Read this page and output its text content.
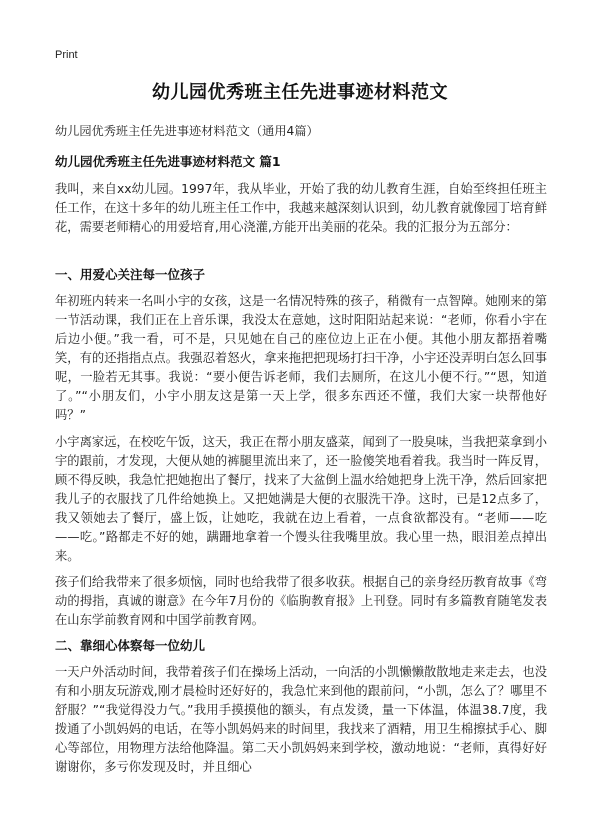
Print
幼儿园优秀班主任先进事迹材料范文
幼儿园优秀班主任先进事迹材料范文（通用4篇）
幼儿园优秀班主任先进事迹材料范文 篇1

我叫，来自xx幼儿园。1997年，我从毕业，开始了我的幼儿教育生涯，自始至终担任班主任工作，在这十多年的幼儿班主任工作中，我越来越深刻认识到，幼儿教育就像园丁培育鲜花，需要老师精心的用爱培育,用心浇灌,方能开出美丽的花朵。我的汇报分为五部分：

一、用爱心关注每一位孩子

年初班内转来一名叫小宇的女孩，这是一名情况特殊的孩子，稍微有一点智障。她刚来的第一节活动课，我们正在上音乐课，我没太在意她，这时阳阳站起来说：“老师，你看小宇在后边小便。”我一看，可不是，只见她在自己的座位边上正在小便。其他小朋友都捂着嘴笑，有的还指指点点。我强忍着怒火，拿来拖把把现场打扫干净，小宇还没弄明白怎么回事呢，一脸若无其事。我说：“要小便告诉老师，我们去厕所，在这儿小便不行。”“恩，知道了。”“小朋友们，小宇小朋友这是第一天上学，很多东西还不懂，我们大家一块帮他好吗？”

小宇离家远，在校吃午饭，这天，我正在帮小朋友盛菜，闻到了一股臭味，当我把菜拿到小宇的跟前，才发现，大便从她的裤腿里流出来了，还一脸傻笑地看着我。我当时一阵反胃，顾不得反映，我急忙把她抱出了餐厅，找来了大盆倒上温水给她把身上洗干净，然后回家把我儿子的衣服找了几件给她换上。又把她满是大便的衣服洗干净。这时，已是12点多了，我又领她去了餐厅，盛上饭，让她吃，我就在边上看着，一点食欲都没有。“老师——吃——吃。”路都走不好的她，蹒跚地拿着一个馒头往我嘴里放。我心里一热，眼泪差点掉出来。

孩子们给我带来了很多烦恼，同时也给我带了很多收获。根据自己的亲身经历教育故事《弯动的拇指，真诚的谢意》在今年7月份的《临朐教育报》上刊登。同时有多篇教育随笔发表在山东学前教育网和中国学前教育网。

二、靠细心体察每一位幼儿

一天户外活动时间，我带着孩子们在操场上活动，一向活的小凯懒懒散散地走来走去，也没有和小朋友玩游戏,刚才晨检时还好好的，我急忙来到他的跟前问，“小凯，怎么了？哪里不舒服？”“我觉得没力气。”我用手摸摸他的额头，有点发烫，量一下体温，体温38.7度，我拨通了小凯妈妈的电话，在等小凯妈妈来的时间里，我找来了酒精，用卫生棉擦拭手心、脚心等部位，用物理方法给他降温。第二天小凯妈妈来到学校，激动地说：“老师，真得好好谢谢你，多亏你发现及时，并且细心
